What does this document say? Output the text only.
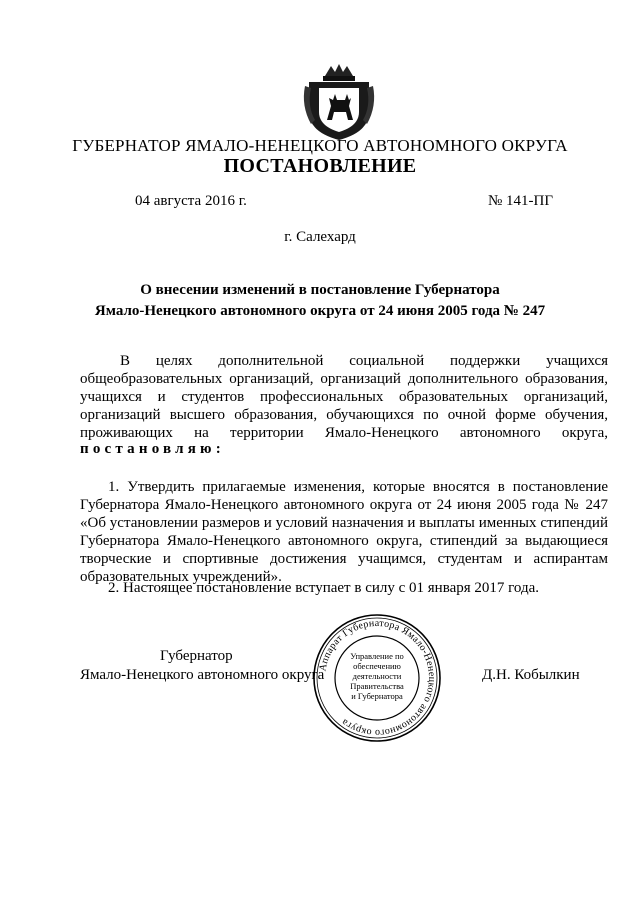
ГУБЕРНАТОР ЯМАЛО-НЕНЕЦКОГО АВТОНОМНОГО ОКРУГА
ПОСТАНОВЛЕНИЕ
04 августа 2016 г.	№ 141-ПГ
г. Салехард
О внесении изменений в постановление Губернатора
Ямало-Ненецкого автономного округа от 24 июня 2005 года № 247
В целях дополнительной социальной поддержки учащихся
общеобразовательных организаций, организаций дополнительного образования,
учащихся и студентов профессиональных образовательных организаций,
организаций высшего образования, обучающихся по очной форме обучения,
проживающих на территории Ямало-Ненецкого автономного округа,
постановляю:
1. Утвердить прилагаемые изменения, которые вносятся в постановление
Губернатора Ямало-Ненецкого автономного округа от 24 июня 2005 года № 247
«Об установлении размеров и условий назначения и выплаты именных стипендий
Губернатора Ямало-Ненецкого автономного округа, стипендий за выдающиеся
творческие и спортивные достижения учащимся, студентам и аспирантам
образовательных учреждений».
2. Настоящее постановление вступает в силу с 01 января 2017 года.
Губернатор
Ямало-Ненецкого автономного округа	Д.Н. Кобылкин
Аппарат Губернатора Ямало-Ненецкого автономного округа
Управление по
обеспечению
деятельности
Правительства
и Губернатора
